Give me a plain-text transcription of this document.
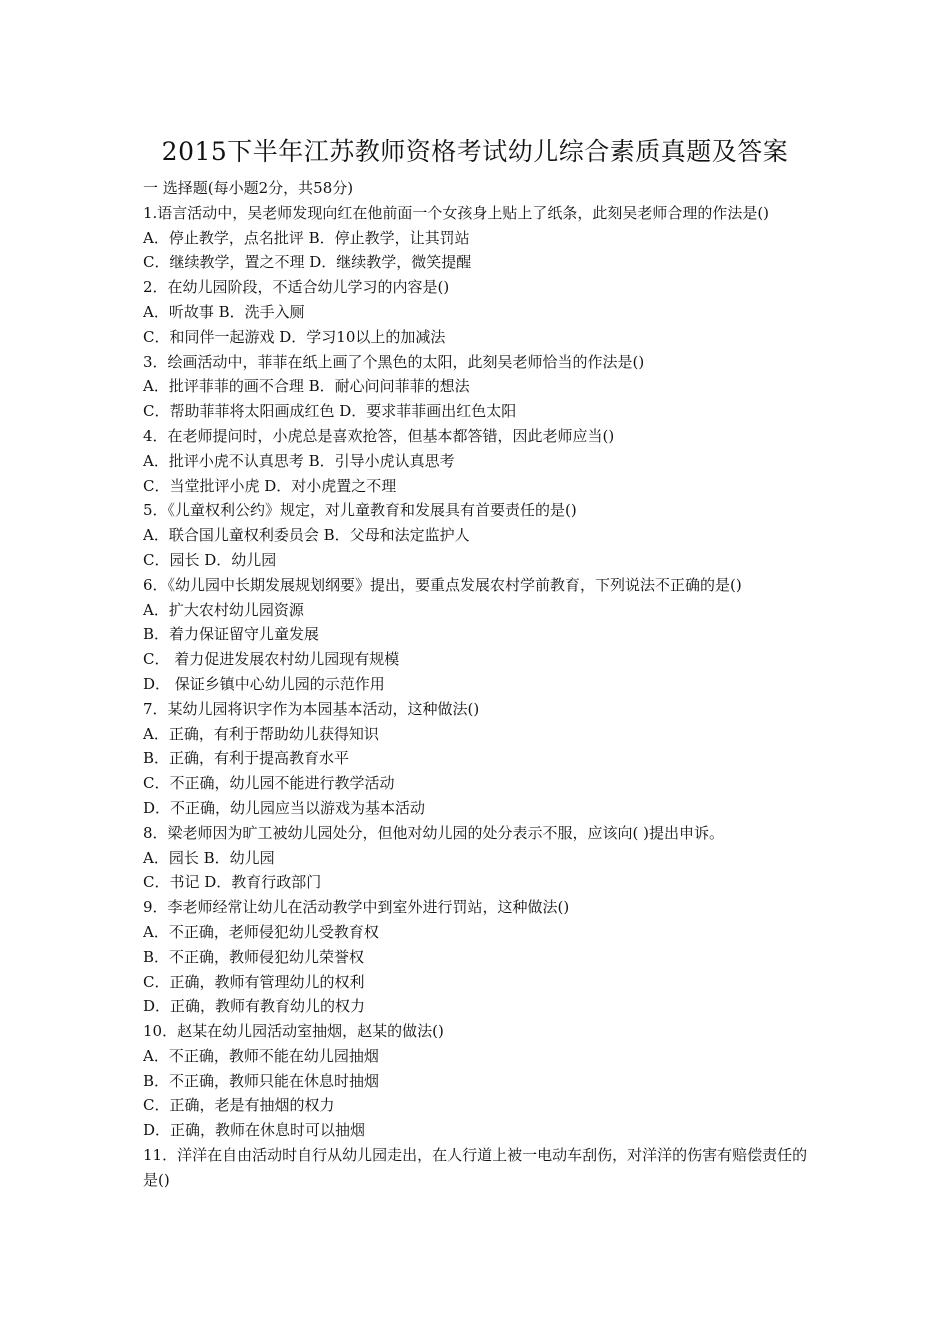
2015下半年江苏教师资格考试幼儿综合素质真题及答案
一 选择题(每小题2分，共58分)
1.语言活动中，吴老师发现向红在他前面一个女孩身上贴上了纸条，此刻吴老师合理的作法是()
A．停止教学，点名批评 B．停止教学，让其罚站
C．继续教学，置之不理 D．继续教学，微笑提醒
2．在幼儿园阶段，不适合幼儿学习的内容是()
A．听故事 B．洗手入厕
C．和同伴一起游戏 D．学习10以上的加减法
3．绘画活动中，菲菲在纸上画了个黑色的太阳，此刻吴老师恰当的作法是()
A．批评菲菲的画不合理 B．耐心问问菲菲的想法
C．帮助菲菲将太阳画成红色 D．要求菲菲画出红色太阳
4．在老师提问时，小虎总是喜欢抢答，但基本都答错，因此老师应当()
A．批评小虎不认真思考 B．引导小虎认真思考
C．当堂批评小虎 D．对小虎置之不理
5．《儿童权利公约》规定，对儿童教育和发展具有首要责任的是()
A．联合国儿童权利委员会 B．父母和法定监护人
C．园长 D．幼儿园
6．《幼儿园中长期发展规划纲要》提出，要重点发展农村学前教育，下列说法不正确的是()
A．扩大农村幼儿园资源
B．着力保证留守儿童发展
C． 着力促进发展农村幼儿园现有规模
D． 保证乡镇中心幼儿园的示范作用
7．某幼儿园将识字作为本园基本活动，这种做法()
A．正确，有利于帮助幼儿获得知识
B．正确，有利于提高教育水平
C．不正确，幼儿园不能进行教学活动
D．不正确，幼儿园应当以游戏为基本活动
8．梁老师因为旷工被幼儿园处分，但他对幼儿园的处分表示不服，应该向( )提出申诉。
A．园长 B．幼儿园
C．书记 D．教育行政部门
9．李老师经常让幼儿在活动教学中到室外进行罚站，这种做法()
A．不正确，老师侵犯幼儿受教育权
B．不正确，教师侵犯幼儿荣誉权
C．正确，教师有管理幼儿的权利
D．正确，教师有教育幼儿的权力
10．赵某在幼儿园活动室抽烟，赵某的做法()
A．不正确，教师不能在幼儿园抽烟
B．不正确，教师只能在休息时抽烟
C．正确，老是有抽烟的权力
D．正确，教师在休息时可以抽烟
11．洋洋在自由活动时自行从幼儿园走出，在人行道上被一电动车刮伤，对洋洋的伤害有赔偿责任的是()
